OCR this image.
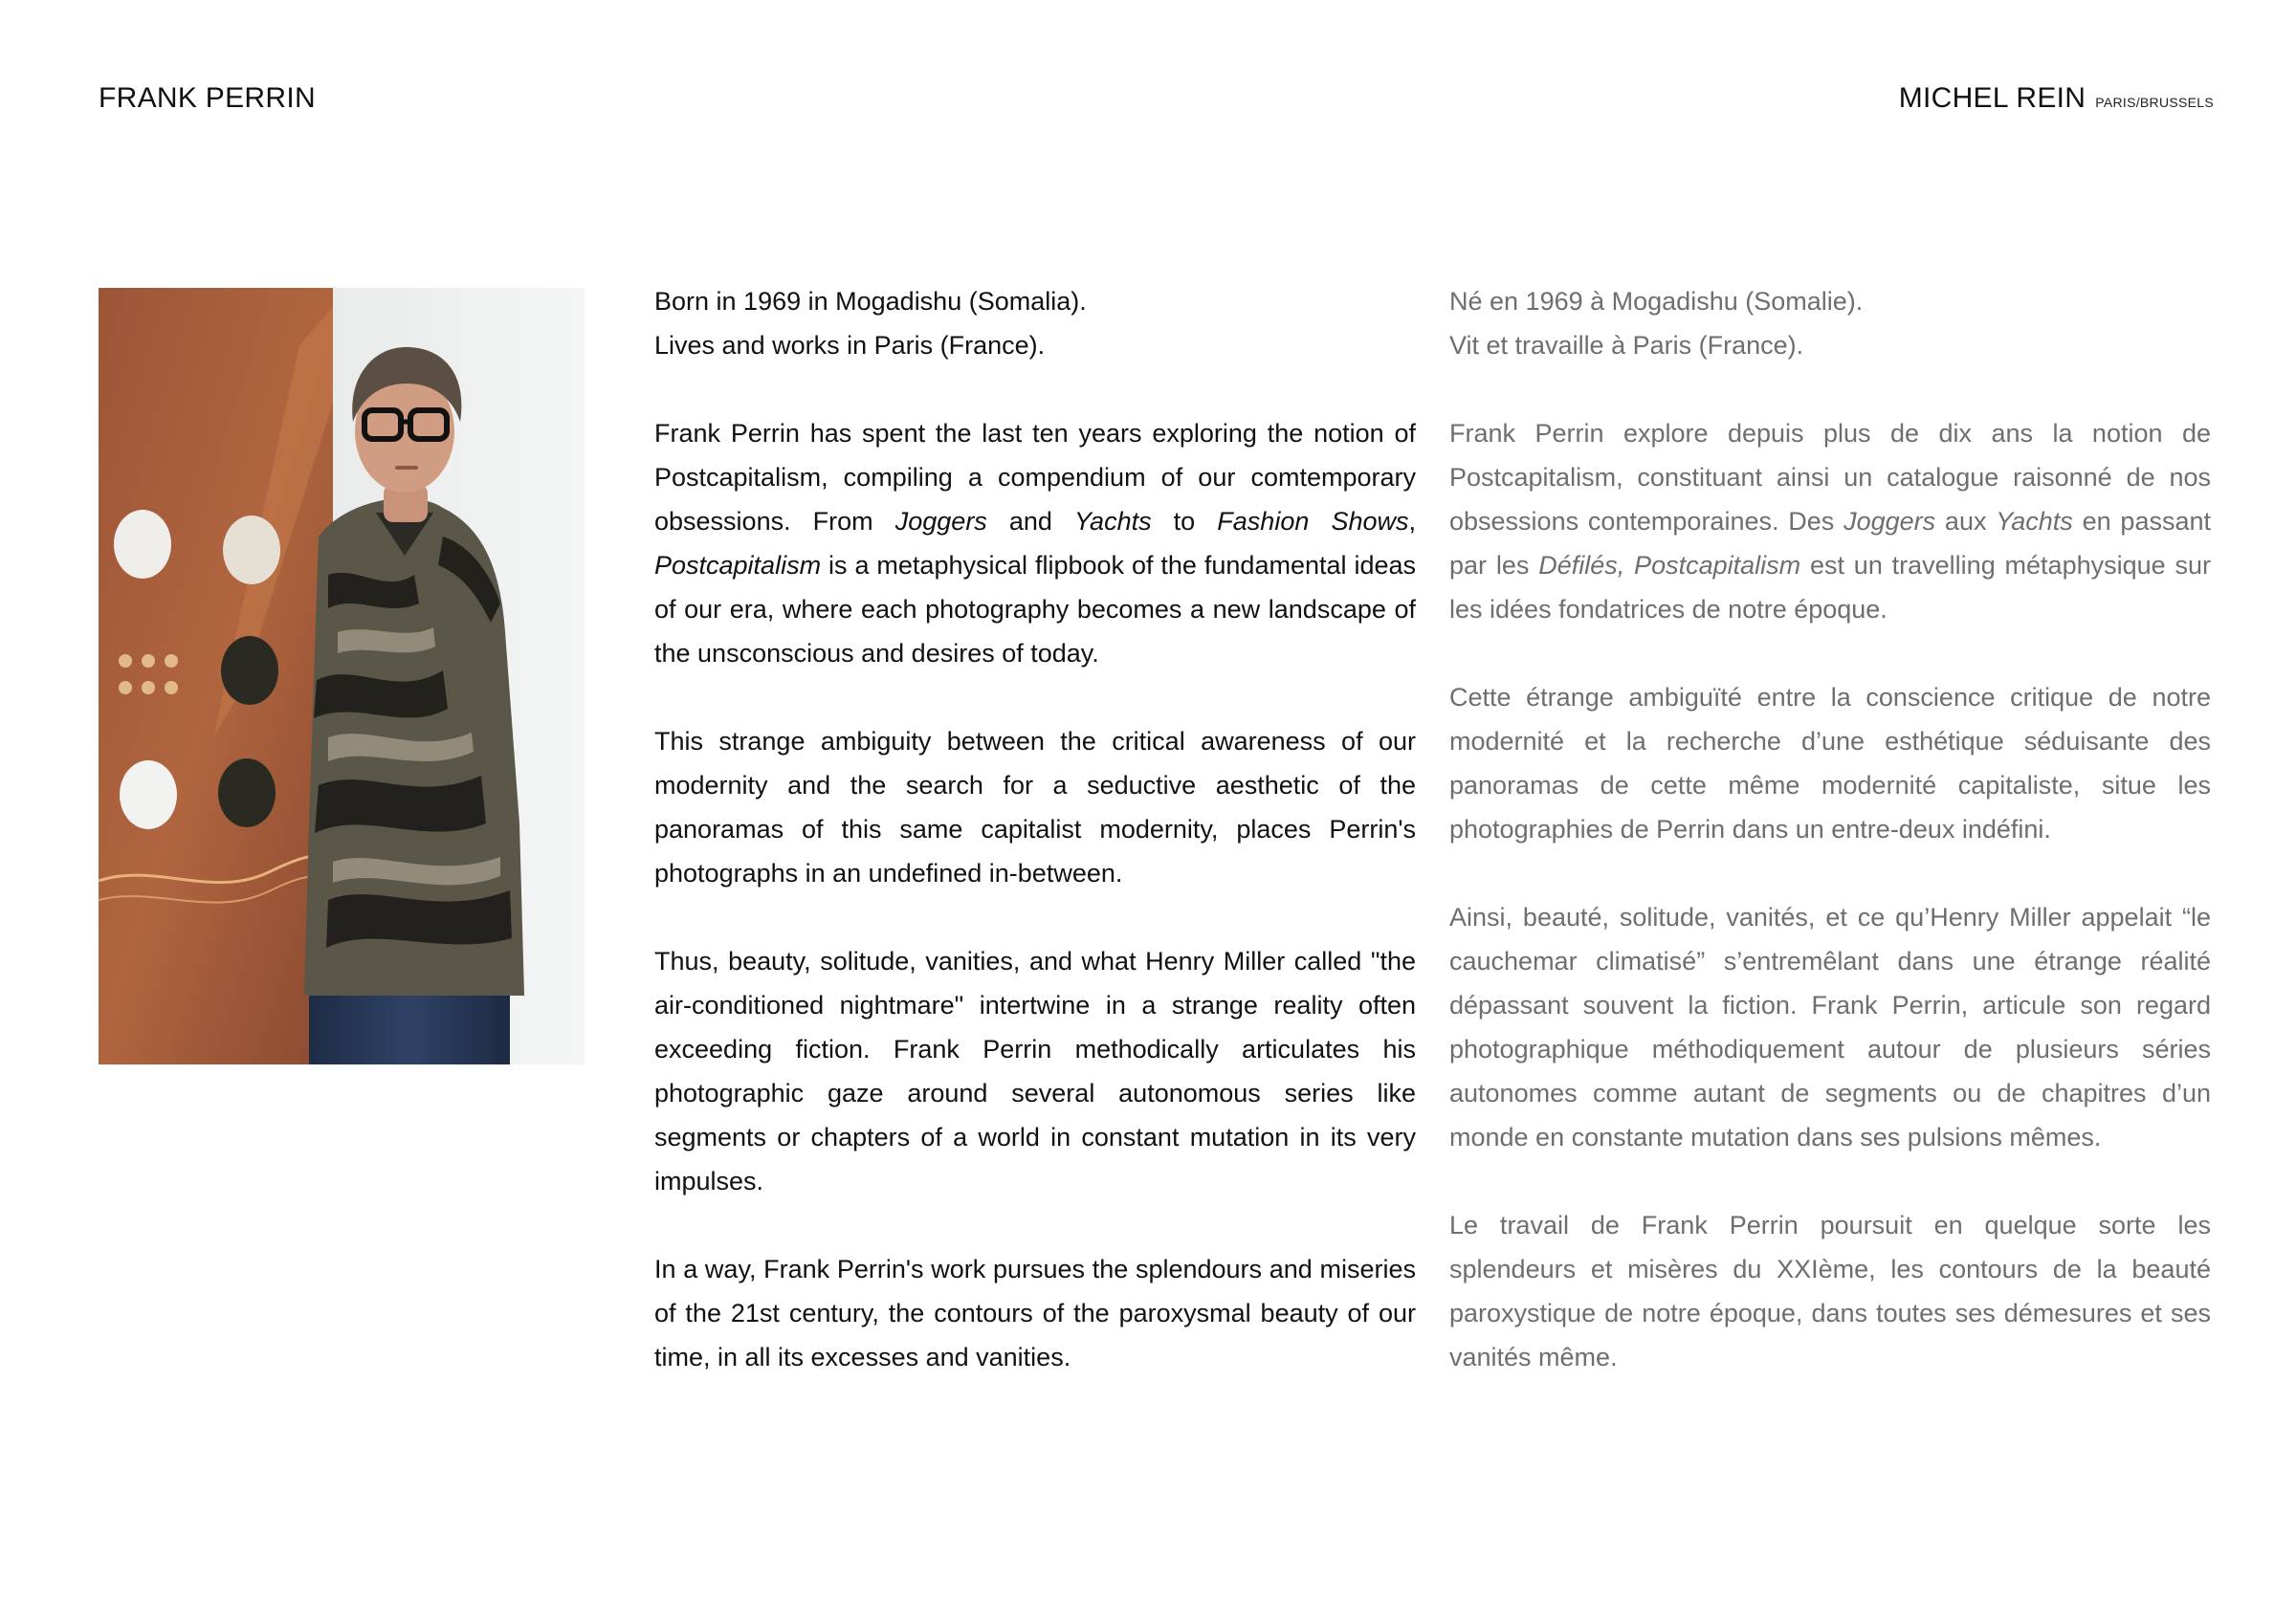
FRANK PERRIN	MICHEL REIN PARIS/BRUSSELS

Born in 1969 in Mogadishu (Somalia).
Lives and works in Paris (France).

Frank Perrin has spent the last ten years exploring the notion of Postcapitalism, compiling a compendium of our comtemporary obsessions. From Joggers and Yachts to Fashion Shows, Postcapitalism is a metaphysical flipbook of the fundamental ideas of our era, where each photography becomes a new landscape of the unsconscious and desires of today.

This strange ambiguity between the critical awareness of our modernity and the search for a seductive aesthetic of the panoramas of this same capitalist modernity, places Perrin's photographs in an undefined in-between.

Thus, beauty, solitude, vanities, and what Henry Miller called "the air-conditioned nightmare" intertwine in a strange reality often exceeding fiction. Frank Perrin methodically articulates his photographic gaze around several autonomous series like segments or chapters of a world in constant mutation in its very impulses.

In a way, Frank Perrin's work pursues the splendours and miseries of the 21st century, the contours of the paroxysmal beauty of our time, in all its excesses and vanities.

Né en 1969 à Mogadishu (Somalie).
Vit et travaille à Paris (France).

Frank Perrin explore depuis plus de dix ans la notion de Postcapitalism, constituant ainsi un catalogue raisonné de nos obsessions contemporaines. Des Joggers aux Yachts en passant par les Défilés, Postcapitalism est un travelling métaphysique sur les idées fondatrices de notre époque.

Cette étrange ambiguïté entre la conscience critique de notre modernité et la recherche d’une esthétique séduisante des panoramas de cette même modernité capitaliste, situe les photographies de Perrin dans un entre-deux indéfini.

Ainsi, beauté, solitude, vanités, et ce qu’Henry Miller appelait “le cauchemar climatisé” s’entremêlant dans une étrange réalité dépassant souvent la fiction. Frank Perrin, articule son regard photographique méthodiquement autour de plusieurs séries autonomes comme autant de segments ou de chapitres d’un monde en constante mutation dans ses pulsions mêmes.

Le travail de Frank Perrin poursuit en quelque sorte les splendeurs et misères du XXIème, les contours de la beauté paroxystique de notre époque, dans toutes ses démesures et ses vanités même.
